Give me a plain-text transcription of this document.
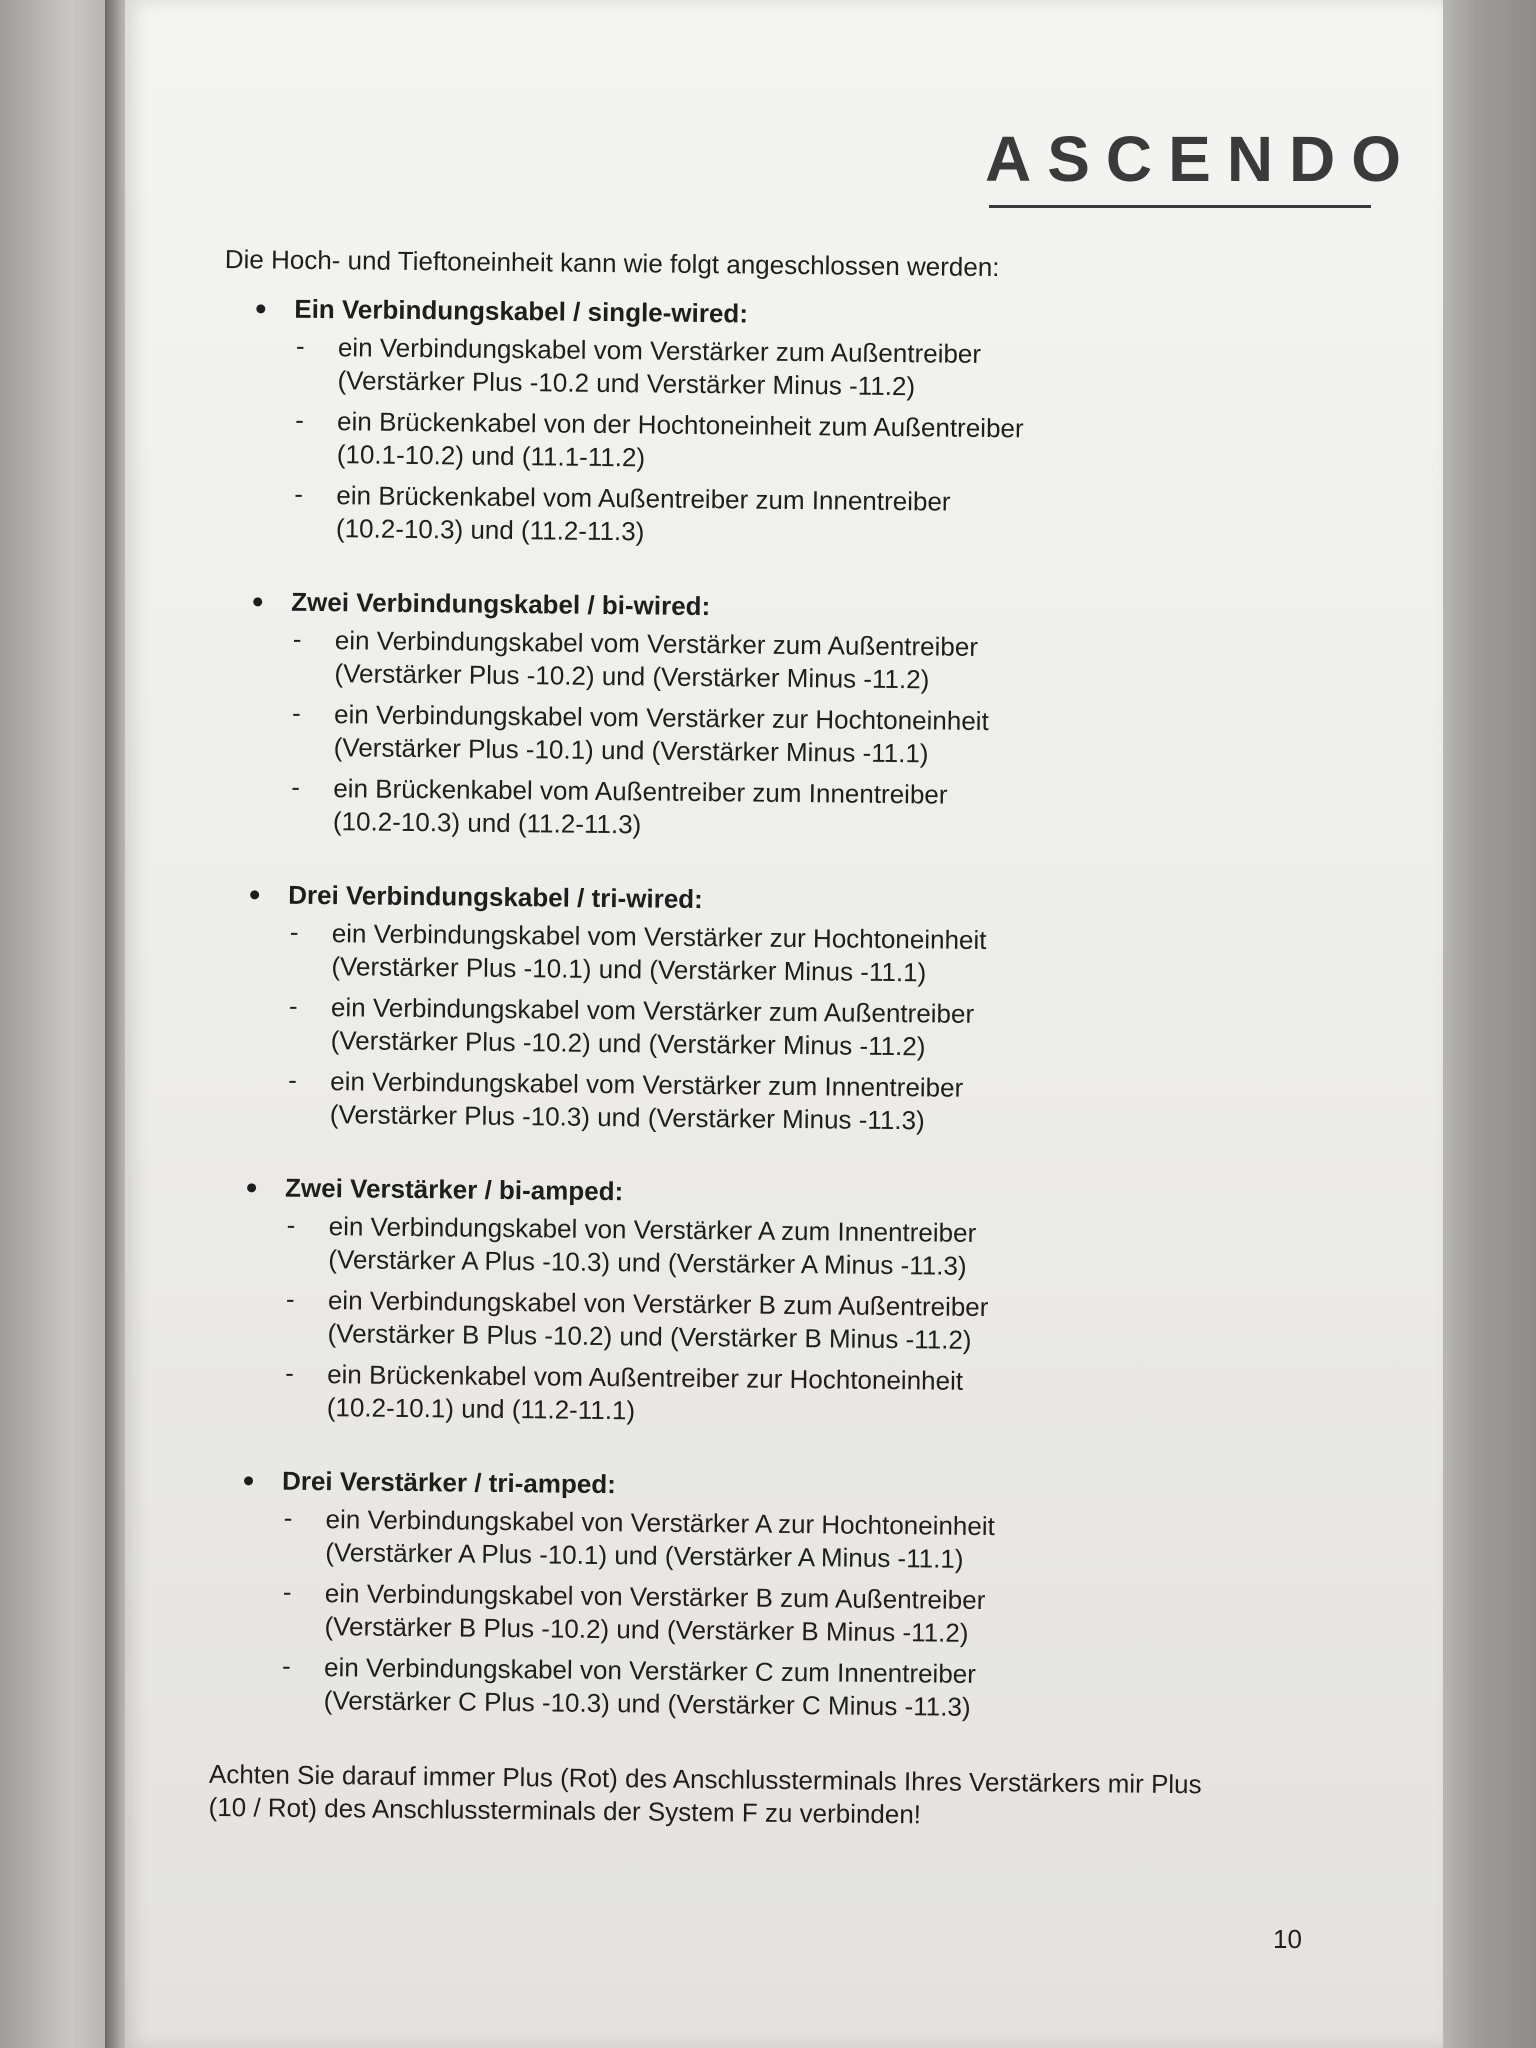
ASCENDO

Die Hoch- und Tieftoneinheit kann wie folgt angeschlossen werden:

Ein Verbindungskabel / single-wired:
- ein Verbindungskabel vom Verstärker zum Außentreiber
(Verstärker Plus -10.2 und Verstärker Minus -11.2)
- ein Brückenkabel von der Hochtoneinheit zum Außentreiber
(10.1-10.2) und (11.1-11.2)
- ein Brückenkabel vom Außentreiber zum Innentreiber
(10.2-10.3) und (11.2-11.3)
Zwei Verbindungskabel / bi-wired:
- ein Verbindungskabel vom Verstärker zum Außentreiber
(Verstärker Plus -10.2) und (Verstärker Minus -11.2)
- ein Verbindungskabel vom Verstärker zur Hochtoneinheit
(Verstärker Plus -10.1) und (Verstärker Minus -11.1)
- ein Brückenkabel vom Außentreiber zum Innentreiber
(10.2-10.3) und (11.2-11.3)
Drei Verbindungskabel / tri-wired:
- ein Verbindungskabel vom Verstärker zur Hochtoneinheit
(Verstärker Plus -10.1) und (Verstärker Minus -11.1)
- ein Verbindungskabel vom Verstärker zum Außentreiber
(Verstärker Plus -10.2) und (Verstärker Minus -11.2)
- ein Verbindungskabel vom Verstärker zum Innentreiber
(Verstärker Plus -10.3) und (Verstärker Minus -11.3)
Zwei Verstärker / bi-amped:
- ein Verbindungskabel von Verstärker A zum Innentreiber
(Verstärker A Plus -10.3) und (Verstärker A Minus -11.3)
- ein Verbindungskabel von Verstärker B zum Außentreiber
(Verstärker B Plus -10.2) und (Verstärker B Minus -11.2)
- ein Brückenkabel vom Außentreiber zur Hochtoneinheit
(10.2-10.1) und (11.2-11.1)
Drei Verstärker / tri-amped:
- ein Verbindungskabel von Verstärker A zur Hochtoneinheit
(Verstärker A Plus -10.1) und (Verstärker A Minus -11.1)
- ein Verbindungskabel von Verstärker B zum Außentreiber
(Verstärker B Plus -10.2) und (Verstärker B Minus -11.2)
- ein Verbindungskabel von Verstärker C zum Innentreiber
(Verstärker C Plus -10.3) und (Verstärker C Minus -11.3)
Achten Sie darauf immer Plus (Rot) des Anschlussterminals Ihres Verstärkers mir Plus
(10 / Rot) des Anschlussterminals der System F zu verbinden!
10
